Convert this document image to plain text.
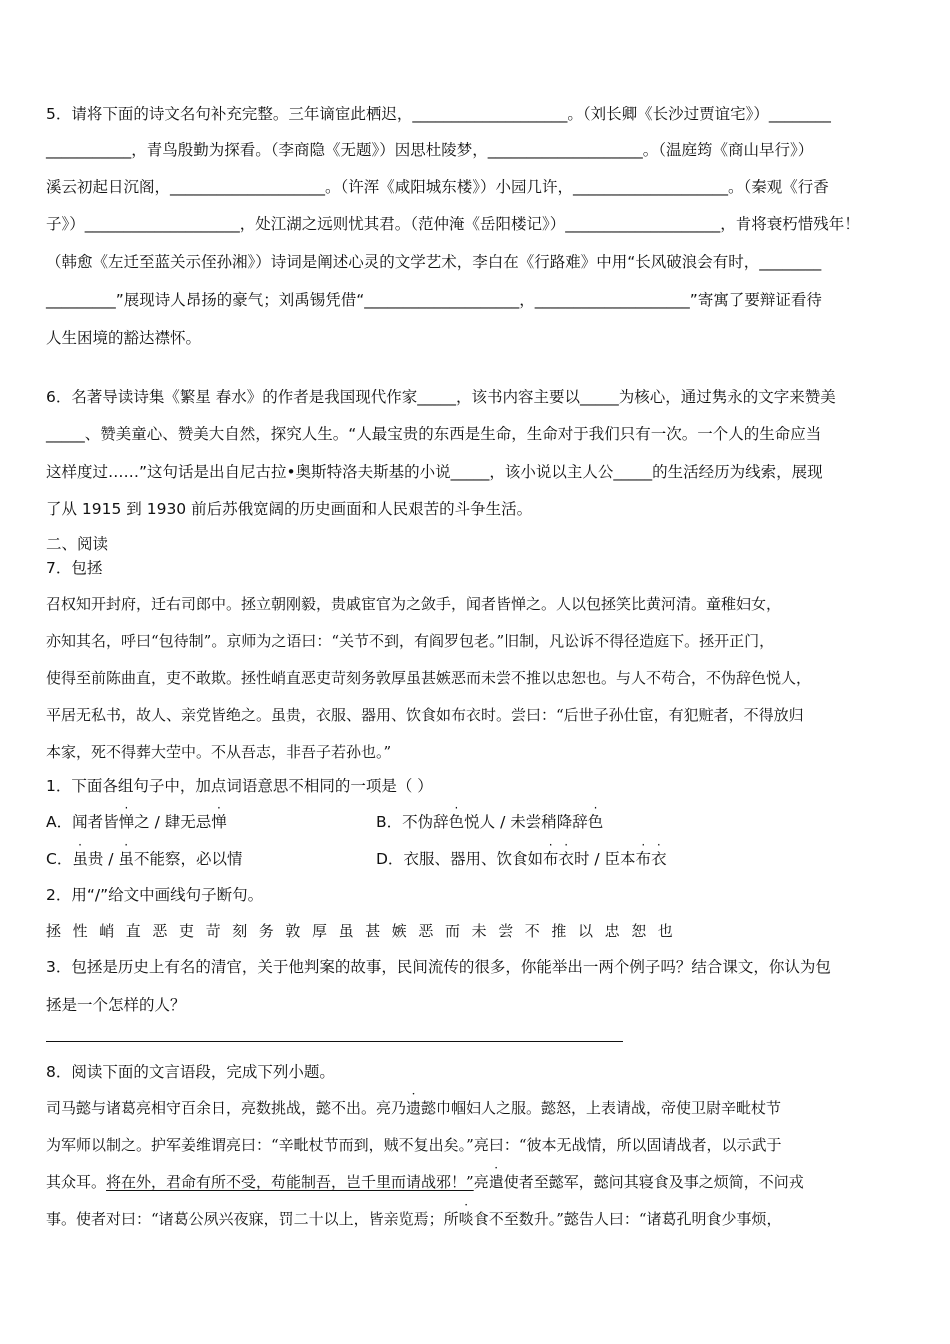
5．请将下面的诗文名句补充完整。三年谪宦此栖迟，____________________。（刘长卿《长沙过贾谊宅》）________
___________，青鸟殷勤为探看。（李商隐《无题》）因思杜陵梦，____________________。（温庭筠《商山早行》）
溪云初起日沉阁，____________________。（许浑《咸阳城东楼》）小园几许，____________________。（秦观《行香
子》）____________________，处江湖之远则忧其君。（范仲淹《岳阳楼记》）____________________，肯将衰朽惜残年！
（韩愈《左迁至蓝关示侄孙湘》）诗词是阐述心灵的文学艺术，李白在《行路难》中用“长风破浪会有时，________
_________”展现诗人昂扬的豪气；刘禹锡凭借“____________________，____________________”寄寓了要辩证看待
人生困境的豁达襟怀。
6．名著导读诗集《繁星 春水》的作者是我国现代作家_____，该书内容主要以_____为核心，通过隽永的文字来赞美
_____、赞美童心、赞美大自然，探究人生。“人最宝贵的东西是生命，生命对于我们只有一次。一个人的生命应当
这样度过……”这句话是出自尼古拉•奥斯特洛夫斯基的小说_____，该小说以主人公_____的生活经历为线索，展现
了从 1915 到 1930 前后苏俄宽阔的历史画面和人民艰苦的斗争生活。
二、阅读
7．包拯
召权知开封府，迁右司郎中。拯立朝刚毅，贵戚宦官为之敛手，闻者皆惮之。人以包拯笑比黄河清。童稚妇女，
亦知其名，呼曰“包待制”。京师为之语曰：“关节不到，有阎罗包老。”旧制，凡讼诉不得径造庭下。拯开正门，
使得至前陈曲直，吏不敢欺。拯性峭直恶吏苛刻务敦厚虽甚嫉恶而未尝不推以忠恕也。与人不苟合，不伪辞色悦人，
平居无私书，故人、亲党皆绝之。虽贵，衣服、器用、饮食如布衣时。尝曰：“后世子孙仕宦，有犯赃者，不得放归
本家，死不得葬大茔中。不从吾志，非吾子若孙也。”
1．下面各组句子中，加点词语意思不相同的一项是（ ）
A．闻者皆惮之 / 肆无忌惮	B．不伪辞色悦人 / 未尝稍降辞色
C．虽贵 / 虽不能察，必以情	D．衣服、器用、饮食如布衣时 / 臣本布衣
2．用“/”给文中画线句子断句。
拯性峭直恶吏苛刻务敦厚虽甚嫉恶而未尝不推以忠恕也
3．包拯是历史上有名的清官，关于他判案的故事，民间流传的很多，你能举出一两个例子吗？结合课文，你认为包
拯是一个怎样的人？
8．阅读下面的文言语段，完成下列小题。
司马懿与诸葛亮相守百余日，亮数挑战，懿不出。亮乃遗懿巾帼妇人之服。懿怒，上表请战，帝使卫尉辛毗杖节
为军师以制之。护军姜维谓亮曰：“辛毗杖节而到，贼不复出矣。”亮曰：“彼本无战情，所以固请战者，以示武于
其众耳。将在外，君命有所不受，苟能制吾，岂千里而请战邪！”亮遣使者至懿军，懿问其寝食及事之烦简，不问戎
事。使者对曰：“诸葛公夙兴夜寐，罚二十以上，皆亲览焉；所啖食不至数升。”懿告人曰：“诸葛孔明食少事烦，
